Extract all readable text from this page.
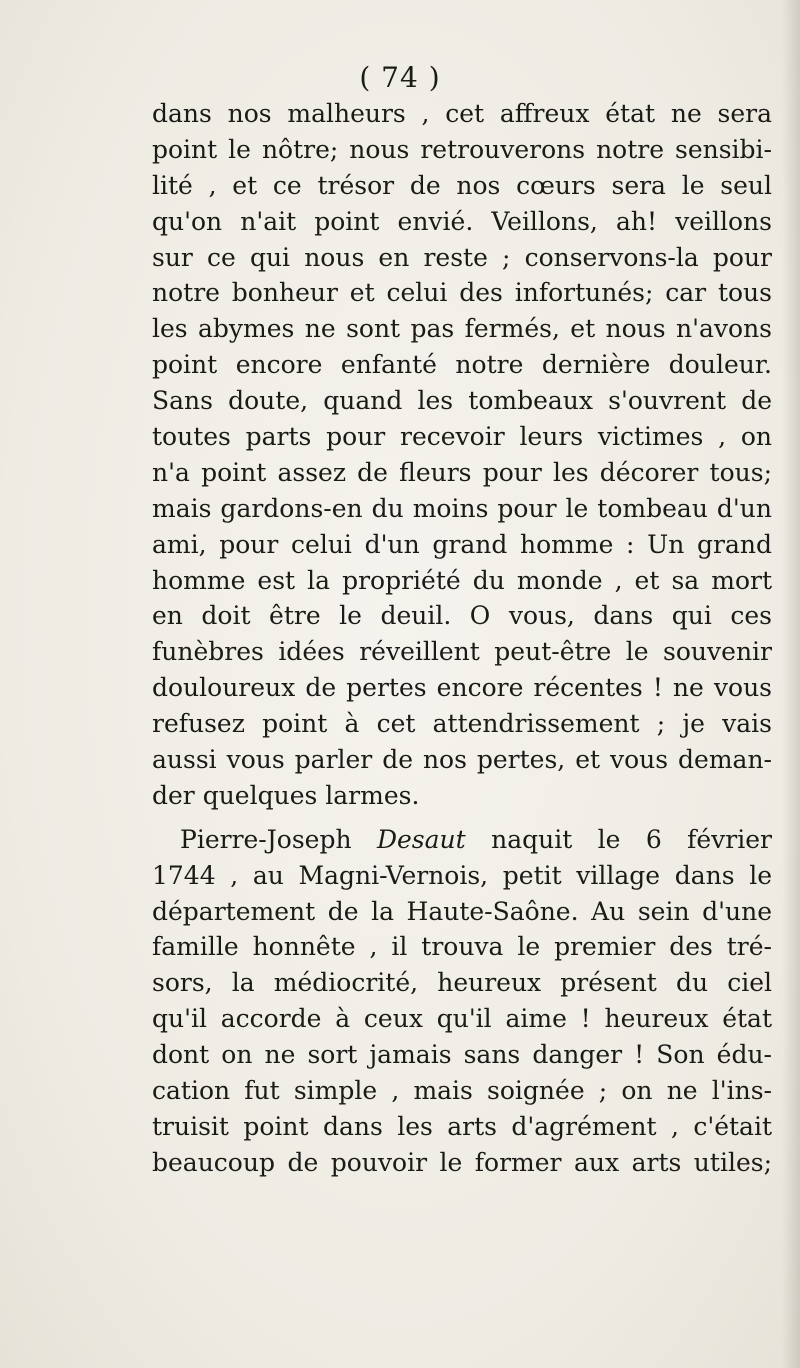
( 74 )
dans nos malheurs , cet affreux état ne sera
point le nôtre; nous retrouverons notre sensibi-
lité , et ce trésor de nos cœurs sera le seul
qu'on n'ait point envié. Veillons, ah! veillons
sur ce qui nous en reste ; conservons-la pour
notre bonheur et celui des infortunés; car tous
les abymes ne sont pas fermés, et nous n'avons
point encore enfanté notre dernière douleur.
Sans doute, quand les tombeaux s'ouvrent de
toutes parts pour recevoir leurs victimes , on
n'a point assez de fleurs pour les décorer tous;
mais gardons-en du moins pour le tombeau d'un
ami, pour celui d'un grand homme : Un grand
homme est la propriété du monde , et sa mort
en doit être le deuil. O vous, dans qui ces
funèbres idées réveillent peut-être le souvenir
douloureux de pertes encore récentes ! ne vous
refusez point à cet attendrissement ; je vais
aussi vous parler de nos pertes, et vous deman-
der quelques larmes.
Pierre-Joseph Desaut naquit le 6 février
1744 , au Magni-Vernois, petit village dans le
département de la Haute-Saône. Au sein d'une
famille honnête , il trouva le premier des tré-
sors, la médiocrité, heureux présent du ciel
qu'il accorde à ceux qu'il aime ! heureux état
dont on ne sort jamais sans danger ! Son édu-
cation fut simple , mais soignée ; on ne l'ins-
truisit point dans les arts d'agrément , c'était
beaucoup de pouvoir le former aux arts utiles;
